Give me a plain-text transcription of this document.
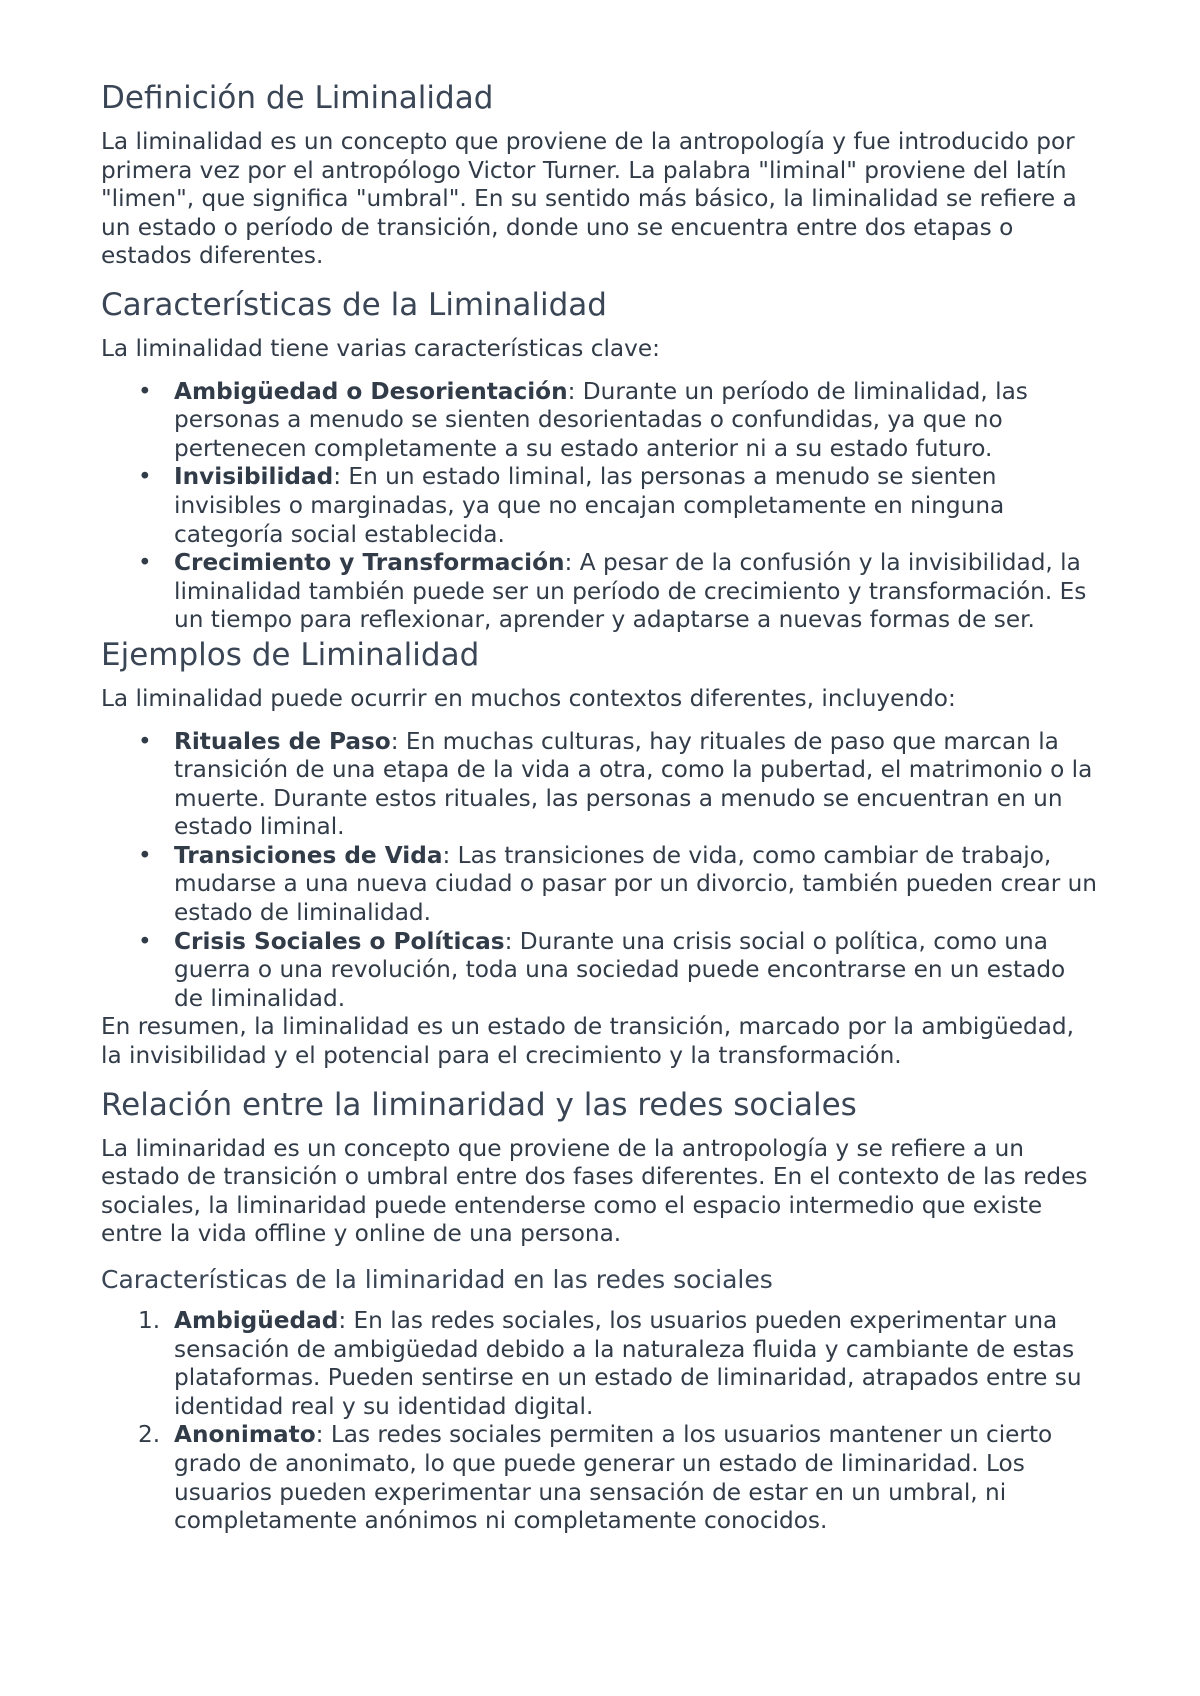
Definición de Liminalidad

La liminalidad es un concepto que proviene de la antropología y fue introducido por primera vez por el antropólogo Victor Turner. La palabra "liminal" proviene del latín "limen", que significa "umbral". En su sentido más básico, la liminalidad se refiere a un estado o período de transición, donde uno se encuentra entre dos etapas o estados diferentes.

Características de la Liminalidad

La liminalidad tiene varias características clave:

• Ambigüedad o Desorientación: Durante un período de liminalidad, las personas a menudo se sienten desorientadas o confundidas, ya que no pertenecen completamente a su estado anterior ni a su estado futuro.
• Invisibilidad: En un estado liminal, las personas a menudo se sienten invisibles o marginadas, ya que no encajan completamente en ninguna categoría social establecida.
• Crecimiento y Transformación: A pesar de la confusión y la invisibilidad, la liminalidad también puede ser un período de crecimiento y transformación. Es un tiempo para reflexionar, aprender y adaptarse a nuevas formas de ser.
Ejemplos de Liminalidad

La liminalidad puede ocurrir en muchos contextos diferentes, incluyendo:

• Rituales de Paso: En muchas culturas, hay rituales de paso que marcan la transición de una etapa de la vida a otra, como la pubertad, el matrimonio o la muerte. Durante estos rituales, las personas a menudo se encuentran en un estado liminal.
• Transiciones de Vida: Las transiciones de vida, como cambiar de trabajo, mudarse a una nueva ciudad o pasar por un divorcio, también pueden crear un estado de liminalidad.
• Crisis Sociales o Políticas: Durante una crisis social o política, como una guerra o una revolución, toda una sociedad puede encontrarse en un estado de liminalidad.

En resumen, la liminalidad es un estado de transición, marcado por la ambigüedad, la invisibilidad y el potencial para el crecimiento y la transformación.

Relación entre la liminaridad y las redes sociales

La liminaridad es un concepto que proviene de la antropología y se refiere a un estado de transición o umbral entre dos fases diferentes. En el contexto de las redes sociales, la liminaridad puede entenderse como el espacio intermedio que existe entre la vida offline y online de una persona.

Características de la liminaridad en las redes sociales
1. Ambigüedad: En las redes sociales, los usuarios pueden experimentar una sensación de ambigüedad debido a la naturaleza fluida y cambiante de estas plataformas. Pueden sentirse en un estado de liminaridad, atrapados entre su identidad real y su identidad digital.
2. Anonimato: Las redes sociales permiten a los usuarios mantener un cierto grado de anonimato, lo que puede generar un estado de liminaridad. Los usuarios pueden experimentar una sensación de estar en un umbral, ni completamente anónimos ni completamente conocidos.
